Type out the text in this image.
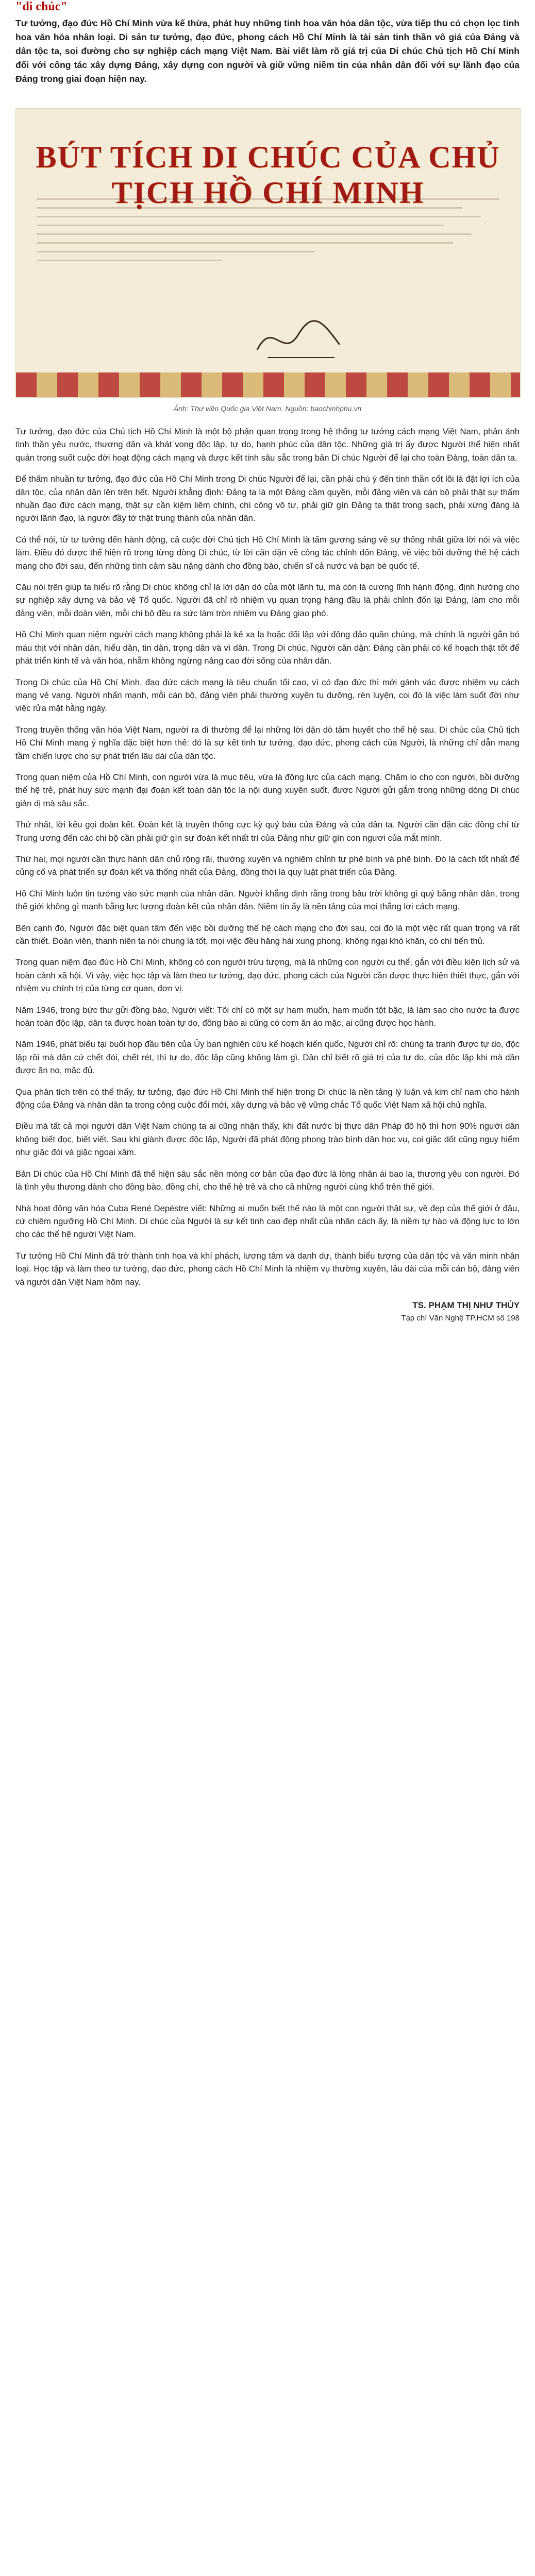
"di chúc"
Tư tưởng, đạo đức Hồ Chí Minh vừa kế thừa, phát huy những tinh hoa văn hóa dân tộc, vừa tiếp thu có chọn lọc tinh hoa văn hóa nhân loại. Di sản tư tưởng, đạo đức, phong cách Hồ Chí Minh là tài sản tinh thần vô giá của Đảng và dân tộc ta, soi đường cho sự nghiệp cách mạng Việt Nam. Bài viết làm rõ giá trị của Di chúc Chủ tịch Hồ Chí Minh đối với công tác xây dựng Đảng, xây dựng con người và giữ vững niềm tin của nhân dân đối với sự lãnh đạo của Đảng trong giai đoạn hiện nay.
BÚT TÍCH DI CHÚC CỦA CHỦ TỊCH HỒ CHÍ MINH
Ảnh: Thư viện Quốc gia Việt Nam. Nguồn: baochinhphu.vn

Tư tưởng, đạo đức của Chủ tịch Hồ Chí Minh là một bộ phận quan trọng trong hệ thống tư tưởng cách mạng Việt Nam, phản ánh tinh thần yêu nước, thương dân và khát vọng độc lập, tự do, hạnh phúc của dân tộc. Những giá trị ấy được Người thể hiện nhất quán trong suốt cuộc đời hoạt động cách mạng và được kết tinh sâu sắc trong bản Di chúc Người để lại cho toàn Đảng, toàn dân ta.

Để thấm nhuần tư tưởng, đạo đức của Hồ Chí Minh trong Di chúc Người để lại, cần phải chú ý đến tinh thần cốt lõi là đặt lợi ích của dân tộc, của nhân dân lên trên hết. Người khẳng định: Đảng ta là một Đảng cầm quyền, mỗi đảng viên và cán bộ phải thật sự thấm nhuần đạo đức cách mạng, thật sự cần kiệm liêm chính, chí công vô tư, phải giữ gìn Đảng ta thật trong sạch, phải xứng đáng là người lãnh đạo, là người đầy tớ thật trung thành của nhân dân.

Có thể nói, từ tư tưởng đến hành động, cả cuộc đời Chủ tịch Hồ Chí Minh là tấm gương sáng về sự thống nhất giữa lời nói và việc làm. Điều đó được thể hiện rõ trong từng dòng Di chúc, từ lời căn dặn về công tác chỉnh đốn Đảng, về việc bồi dưỡng thế hệ cách mạng cho đời sau, đến những tình cảm sâu nặng dành cho đồng bào, chiến sĩ cả nước và bạn bè quốc tế.

Câu nói trên giúp ta hiểu rõ rằng Di chúc không chỉ là lời dặn dò của một lãnh tụ, mà còn là cương lĩnh hành động, định hướng cho sự nghiệp xây dựng và bảo vệ Tổ quốc. Người đã chỉ rõ nhiệm vụ quan trọng hàng đầu là phải chỉnh đốn lại Đảng, làm cho mỗi đảng viên, mỗi đoàn viên, mỗi chi bộ đều ra sức làm tròn nhiệm vụ Đảng giao phó.

Hồ Chí Minh quan niệm người cách mạng không phải là kẻ xa lạ hoặc đối lập với đông đảo quần chúng, mà chính là người gắn bó máu thịt với nhân dân, hiểu dân, tin dân, trọng dân và vì dân. Trong Di chúc, Người căn dặn: Đảng cần phải có kế hoạch thật tốt để phát triển kinh tế và văn hóa, nhằm không ngừng nâng cao đời sống của nhân dân.

Trong Di chúc của Hồ Chí Minh, đạo đức cách mạng là tiêu chuẩn tối cao, vì có đạo đức thì mới gánh vác được nhiệm vụ cách mạng vẻ vang. Người nhấn mạnh, mỗi cán bộ, đảng viên phải thường xuyên tu dưỡng, rèn luyện, coi đó là việc làm suốt đời như việc rửa mặt hằng ngày.

Trong truyền thống văn hóa Việt Nam, người ra đi thường để lại những lời dặn dò tâm huyết cho thế hệ sau. Di chúc của Chủ tịch Hồ Chí Minh mang ý nghĩa đặc biệt hơn thế: đó là sự kết tinh tư tưởng, đạo đức, phong cách của Người, là những chỉ dẫn mang tầm chiến lược cho sự phát triển lâu dài của dân tộc.

Trong quan niệm của Hồ Chí Minh, con người vừa là mục tiêu, vừa là động lực của cách mạng. Chăm lo cho con người, bồi dưỡng thế hệ trẻ, phát huy sức mạnh đại đoàn kết toàn dân tộc là nội dung xuyên suốt, được Người gửi gắm trong những dòng Di chúc giản dị mà sâu sắc.

Thứ nhất, lời kêu gọi đoàn kết. Đoàn kết là truyền thống cực kỳ quý báu của Đảng và của dân ta. Người căn dặn các đồng chí từ Trung ương đến các chi bộ cần phải giữ gìn sự đoàn kết nhất trí của Đảng như giữ gìn con ngươi của mắt mình.

Thứ hai, mọi người cần thực hành dân chủ rộng rãi, thường xuyên và nghiêm chỉnh tự phê bình và phê bình. Đó là cách tốt nhất để củng cố và phát triển sự đoàn kết và thống nhất của Đảng, đồng thời là quy luật phát triển của Đảng.

Hồ Chí Minh luôn tin tưởng vào sức mạnh của nhân dân. Người khẳng định rằng trong bầu trời không gì quý bằng nhân dân, trong thế giới không gì mạnh bằng lực lượng đoàn kết của nhân dân. Niềm tin ấy là nền tảng của mọi thắng lợi cách mạng.

Bên cạnh đó, Người đặc biệt quan tâm đến việc bồi dưỡng thế hệ cách mạng cho đời sau, coi đó là một việc rất quan trọng và rất cần thiết. Đoàn viên, thanh niên ta nói chung là tốt, mọi việc đều hăng hái xung phong, không ngại khó khăn, có chí tiến thủ.

Trong quan niệm đạo đức Hồ Chí Minh, không có con người trừu tượng, mà là những con người cụ thể, gắn với điều kiện lịch sử và hoàn cảnh xã hội. Vì vậy, việc học tập và làm theo tư tưởng, đạo đức, phong cách của Người cần được thực hiện thiết thực, gắn với nhiệm vụ chính trị của từng cơ quan, đơn vị.

Năm 1946, trong bức thư gửi đồng bào, Người viết: Tôi chỉ có một sự ham muốn, ham muốn tột bậc, là làm sao cho nước ta được hoàn toàn độc lập, dân ta được hoàn toàn tự do, đồng bào ai cũng có cơm ăn áo mặc, ai cũng được học hành.

Năm 1946, phát biểu tại buổi họp đầu tiên của Ủy ban nghiên cứu kế hoạch kiến quốc, Người chỉ rõ: chúng ta tranh được tự do, độc lập rồi mà dân cứ chết đói, chết rét, thì tự do, độc lập cũng không làm gì. Dân chỉ biết rõ giá trị của tự do, của độc lập khi mà dân được ăn no, mặc đủ.

Qua phân tích trên có thể thấy, tư tưởng, đạo đức Hồ Chí Minh thể hiện trong Di chúc là nền tảng lý luận và kim chỉ nam cho hành động của Đảng và nhân dân ta trong công cuộc đổi mới, xây dựng và bảo vệ vững chắc Tổ quốc Việt Nam xã hội chủ nghĩa.

Điều mà tất cả mọi người dân Việt Nam chúng ta ai cũng nhận thấy, khi đất nước bị thực dân Pháp đô hộ thì hơn 90% người dân không biết đọc, biết viết. Sau khi giành được độc lập, Người đã phát động phong trào bình dân học vụ, coi giặc dốt cũng nguy hiểm như giặc đói và giặc ngoại xâm.

Bản Di chúc của Hồ Chí Minh đã thể hiện sâu sắc nền móng cơ bản của đạo đức là lòng nhân ái bao la, thương yêu con người. Đó là tình yêu thương dành cho đồng bào, đồng chí, cho thế hệ trẻ và cho cả những người cùng khổ trên thế giới.

Nhà hoạt động văn hóa Cuba René Depéstre viết: Những ai muốn biết thế nào là một con người thật sự, về đẹp của thế giới ở đâu, cứ chiêm ngưỡng Hồ Chí Minh. Di chúc của Người là sự kết tinh cao đẹp nhất của nhân cách ấy, là niềm tự hào và động lực to lớn cho các thế hệ người Việt Nam.

Tư tưởng Hồ Chí Minh đã trở thành tinh hoa và khí phách, lương tâm và danh dự, thành biểu tượng của dân tộc và văn minh nhân loại. Học tập và làm theo tư tưởng, đạo đức, phong cách Hồ Chí Minh là nhiệm vụ thường xuyên, lâu dài của mỗi cán bộ, đảng viên và người dân Việt Nam hôm nay.

TS. PHẠM THỊ NHƯ THỦY
Tạp chí Văn Nghệ TP.HCM số 198
